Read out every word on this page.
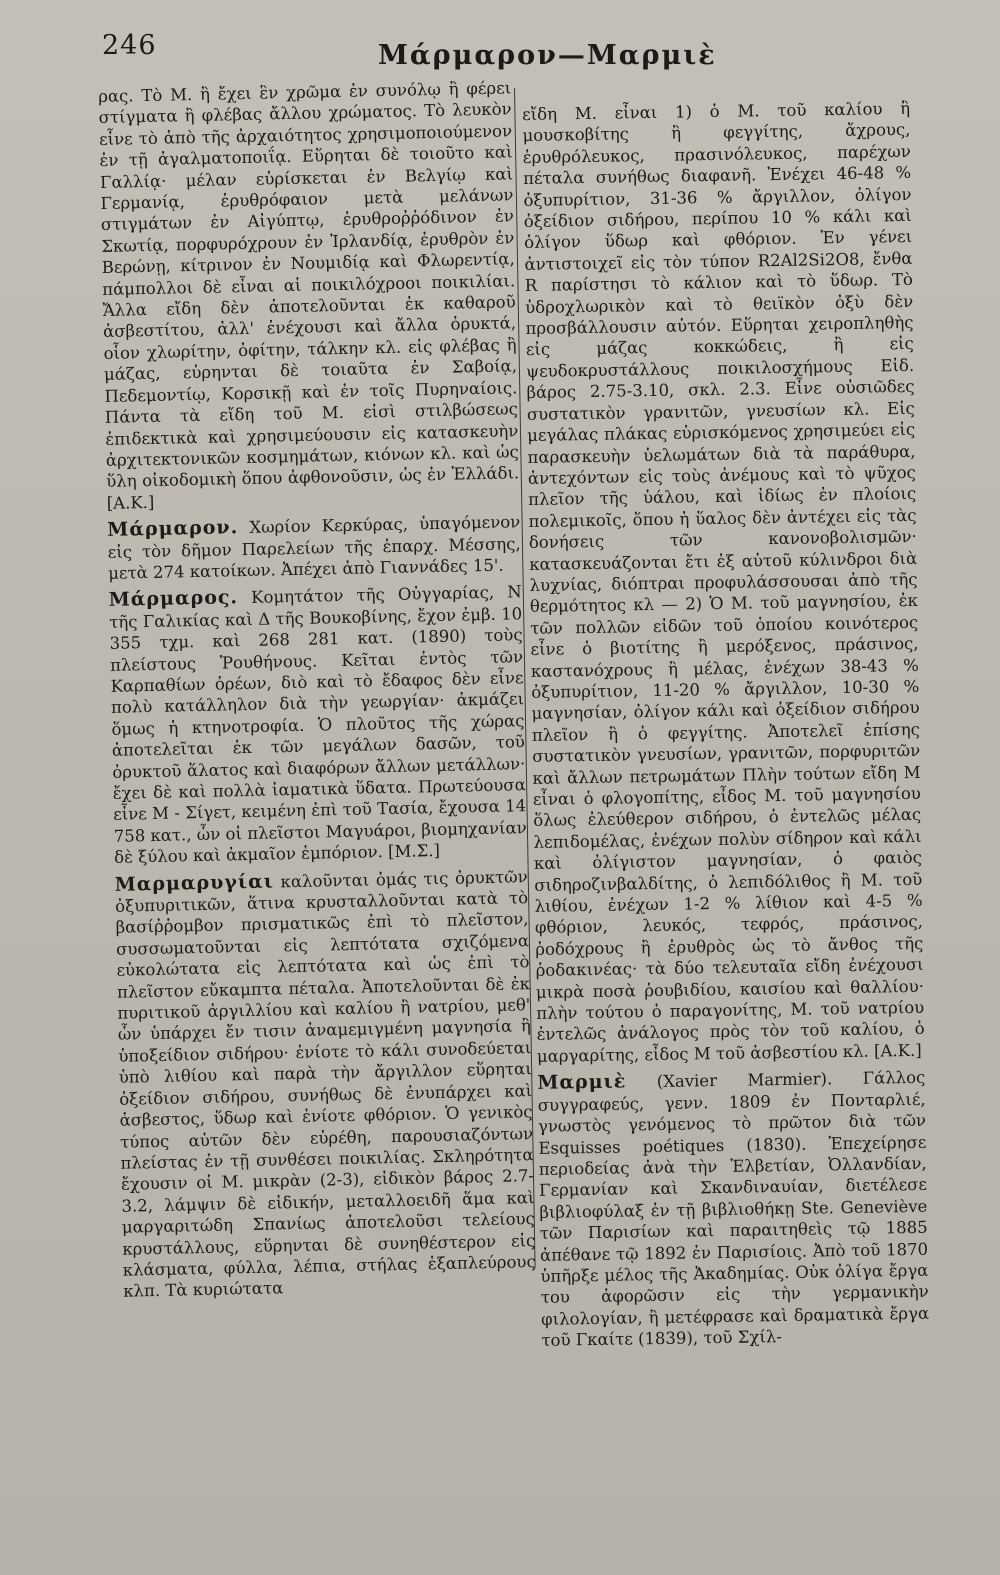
246	Μάρμαρον—Μαρμιὲ

ρας. Τὸ Μ. ἢ ἔχει ἓν χρῶμα ἐν συνόλῳ ἢ φέρει στίγματα ἢ φλέβας ἄλλου χρώματος. Τὸ λευκὸν εἶνε τὸ ἀπὸ τῆς ἀρχαιότητος χρησιμοποιούμενον ἐν τῇ ἀγαλματοποιΐᾳ. Εὕρηται δὲ τοιοῦτο καὶ Γαλλίᾳ· μέλαν εὑρίσκεται ἐν Βελγίῳ καὶ Γερμανίᾳ, ἐρυθρόφαιον μετὰ μελάνων στιγμάτων ἐν Αἰγύπτῳ, ἐρυθροῤῥόδινον ἐν Σκωτίᾳ, πορφυρόχρουν ἐν Ἰρλανδίᾳ, ἐρυθρὸν ἐν Βερώνῃ, κίτρινον ἐν Νουμιδίᾳ καὶ Φλωρεντίᾳ, πάμπολλοι δὲ εἶναι αἱ ποικιλόχροοι ποικιλίαι. Ἄλλα εἴδη δὲν ἀποτελοῦνται ἐκ καθαροῦ ἀσβεστίτου, ἀλλ' ἐνέχουσι καὶ ἄλλα ὀρυκτά, οἷον χλωρίτην, ὀφίτην, τάλκην κλ. εἰς φλέβας ἢ μάζας, εὑρηνται δὲ τοιαῦτα ἐν Σαβοίᾳ, Πεδεμοντίῳ, Κορσικῇ καὶ ἐν τοῖς Πυρηναίοις. Πάντα τὰ εἴδη τοῦ Μ. εἰσὶ στιλβώσεως ἐπιδεκτικὰ καὶ χρησιμεύουσιν εἰς κατασκευὴν ἀρχιτεκτονικῶν κοσμημάτων, κιόνων κλ. καὶ ὡς ὕλη οἰκοδομικὴ ὅπου ἀφθονοῦσιν, ὡς ἐν Ἑλλάδι. [Α.Κ.]

Μάρμαρον. Χωρίον Κερκύρας, ὑπαγόμενον εἰς τὸν δῆμον Παρελείων τῆς ἐπαρχ. Μέσσης, μετὰ 274 κατοίκων. Ἀπέχει ἀπὸ Γιαννάδες 15'.

Μάρμαρος. Κομητάτον τῆς Οὐγγαρίας, Ν τῆς Γαλικίας καὶ Δ τῆς Βουκοβίνης, ἔχον ἐμβ. 10 355 τχμ. καὶ 268 281 κατ. (1890) τοὺς πλείστους Ῥουθήνους. Κεῖται ἐντὸς τῶν Καρπαθίων ὀρέων, διὸ καὶ τὸ ἔδαφος δὲν εἶνε πολὺ κατάλληλον διὰ τὴν γεωργίαν· ἀκμάζει ὅμως ἡ κτηνοτροφία. Ὁ πλοῦτος τῆς χώρας ἀποτελεῖται ἐκ τῶν μεγάλων δασῶν, τοῦ ὀρυκτοῦ ἅλατος καὶ διαφόρων ἄλλων μετάλλων· ἔχει δὲ καὶ πολλὰ ἰαματικὰ ὕδατα. Πρωτεύουσα εἶνε Μ - Σίγετ, κειμένη ἐπὶ τοῦ Τασία, ἔχουσα 14 758 κατ., ὧν οἱ πλεῖστοι Μαγυάροι, βιομηχανίαν δὲ ξύλου καὶ ἀκμαῖον ἐμπόριον. [Μ.Σ.]

Μαρμαρυγίαι καλοῦνται ὁμάς τις ὀρυκτῶν ὀξυπυριτικῶν, ἅτινα κρυσταλλοῦνται κατὰ τὸ βασίῤῥομβον πρισματικῶς ἐπὶ τὸ πλεῖστον, συσσωματοῦνται εἰς λεπτότατα σχιζόμενα εὐκολώτατα εἰς λεπτότατα καὶ ὡς ἐπὶ τὸ πλεῖστον εὔκαμπτα πέταλα. Ἀποτελοῦνται δὲ ἐκ πυριτικοῦ ἀργιλλίου καὶ καλίου ἢ νατρίου, μεθ' ὧν ὑπάρχει ἔν τισιν ἀναμεμιγμένη μαγνησία ἢ ὑποξείδιον σιδήρου· ἐνίοτε τὸ κάλι συνοδεύεται ὑπὸ λιθίου καὶ παρὰ τὴν ἄργιλλον εὕρηται ὀξείδιον σιδήρου, συνήθως δὲ ἐνυπάρχει καὶ ἀσβεστος, ὕδωρ καὶ ἐνίοτε φθόριον. Ὁ γενικὸς τύπος αὐτῶν δὲν εὑρέθη, παρουσιαζόντων πλείστας ἐν τῇ συνθέσει ποικιλίας. Σκληρότητα ἔχουσιν οἱ Μ. μικρὰν (2-3), εἰδικὸν βάρος 2.7-3.2, λάμψιν δὲ εἰδικήν, μεταλλοειδῆ ἅμα καὶ μαργαριτώδη Σπανίως ἀποτελοῦσι τελείους κρυστάλλους, εὕρηνται δὲ συνηθέστερον εἰς κλάσματα, φύλλα, λέπια, στήλας ἑξαπλεύρους κλπ. Τὰ κυριώτατα

εἴδη Μ. εἶναι 1) ὁ Μ. τοῦ καλίου ἢ μουσκοβίτης ἢ φεγγίτης, ἄχρους, ἐρυθρόλευκος, πρασινόλευκος, παρέχων πέταλα συνήθως διαφανῆ. Ἐνέχει 46-48 % ὀξυπυρίτιον, 31-36 % ἄργιλλον, ὀλίγον ὀξείδιον σιδήρου, περίπου 10 % κάλι καὶ ὀλίγον ὕδωρ καὶ φθόριον. Ἐν γένει ἀντιστοιχεῖ εἰς τὸν τύπον R2Al2Si2O8, ἔνθα R παρίστησι τὸ κάλιον καὶ τὸ ὕδωρ. Τὸ ὑδροχλωρικὸν καὶ τὸ θειϊκὸν ὀξὺ δὲν προσβάλλουσιν αὐτόν. Εὕρηται χειροπληθὴς εἰς μάζας κοκκώδεις, ἢ εἰς ψευδοκρυστάλλους ποικιλοσχήμους Εἰδ. βάρος 2.75-3.10, σκλ. 2.3. Εἶνε οὐσιῶδες συστατικὸν γρανιτῶν, γνευσίων κλ. Εἰς μεγάλας πλάκας εὑρισκόμενος χρησιμεύει εἰς παρασκευὴν ὑελωμάτων διὰ τὰ παράθυρα, ἀντεχόντων εἰς τοὺς ἀνέμους καὶ τὸ ψῦχος πλεῖον τῆς ὑάλου, καὶ ἰδίως ἐν πλοίοις πολεμικοῖς, ὅπου ἡ ὕαλος δὲν ἀντέχει εἰς τὰς δονήσεις τῶν κανονοβολισμῶν· κατασκευάζονται ἔτι ἐξ αὐτοῦ κύλινδροι διὰ λυχνίας, διόπτραι προφυλάσσουσαι ἀπὸ τῆς θερμότητος κλ — 2) Ὁ Μ. τοῦ μαγνησίου, ἐκ τῶν πολλῶν εἰδῶν τοῦ ὁποίου κοινότερος εἶνε ὁ βιοτίτης ἢ μερόξενος, πράσινος, καστανόχρους ἢ μέλας, ἐνέχων 38-43 % ὀξυπυρίτιον, 11-20 % ἄργιλλον, 10-30 % μαγνησίαν, ὀλίγον κάλι καὶ ὀξείδιον σιδήρου πλεῖον ἢ ὁ φεγγίτης. Ἀποτελεῖ ἐπίσης συστατικὸν γνευσίων, γρανιτῶν, πορφυριτῶν καὶ ἄλλων πετρωμάτων Πλὴν τούτων εἴδη Μ εἶναι ὁ φλογοπίτης, εἶδος Μ. τοῦ μαγνησίου ὅλως ἐλεύθερον σιδήρου, ὁ ἐντελῶς μέλας λεπιδομέλας, ἐνέχων πολὺν σίδηρον καὶ κάλι καὶ ὀλίγιστον μαγνησίαν, ὁ φαιὸς σιδηροζινβαλδίτης, ὁ λεπιδόλιθος ἢ Μ. τοῦ λιθίου, ἐνέχων 1-2 % λίθιον καὶ 4-5 % φθόριον, λευκός, τεφρός, πράσινος, ῥοδόχρους ἢ ἐρυθρὸς ὡς τὸ ἄνθος τῆς ῥοδακινέας· τὰ δύο τελευταῖα εἴδη ἐνέχουσι μικρὰ ποσὰ ῥουβιδίου, καισίου καὶ θαλλίου· πλὴν τούτου ὁ παραγονίτης, Μ. τοῦ νατρίου ἐντελῶς ἀνάλογος πρὸς τὸν τοῦ καλίου, ὁ μαργαρίτης, εἶδος Μ τοῦ ἀσβεστίου κλ. [Α.Κ.]

Μαρμιὲ (Xavier Marmier). Γάλλος συγγραφεύς, γενν. 1809 ἐν Πονταρλιέ, γνωστὸς γενόμενος τὸ πρῶτον διὰ τῶν Esquisses poétiques (1830). Ἐπεχείρησε περιοδείας ἀνὰ τὴν Ἑλβετίαν, Ὀλλανδίαν, Γερμανίαν καὶ Σκανδιναυίαν, διετέλεσε βιβλιοφύλαξ ἐν τῇ βιβλιοθήκῃ Ste. Geneviève τῶν Παρισίων καὶ παραιτηθεὶς τῷ 1885 ἀπέθανε τῷ 1892 ἐν Παρισίοις. Ἀπὸ τοῦ 1870 ὑπῆρξε μέλος τῆς Ἀκαδημίας. Οὐκ ὀλίγα ἔργα του ἀφορῶσιν εἰς τὴν γερμανικὴν φιλολογίαν, ἢ μετέφρασε καὶ δραματικὰ ἔργα τοῦ Γκαίτε (1839), τοῦ Σχίλ-
